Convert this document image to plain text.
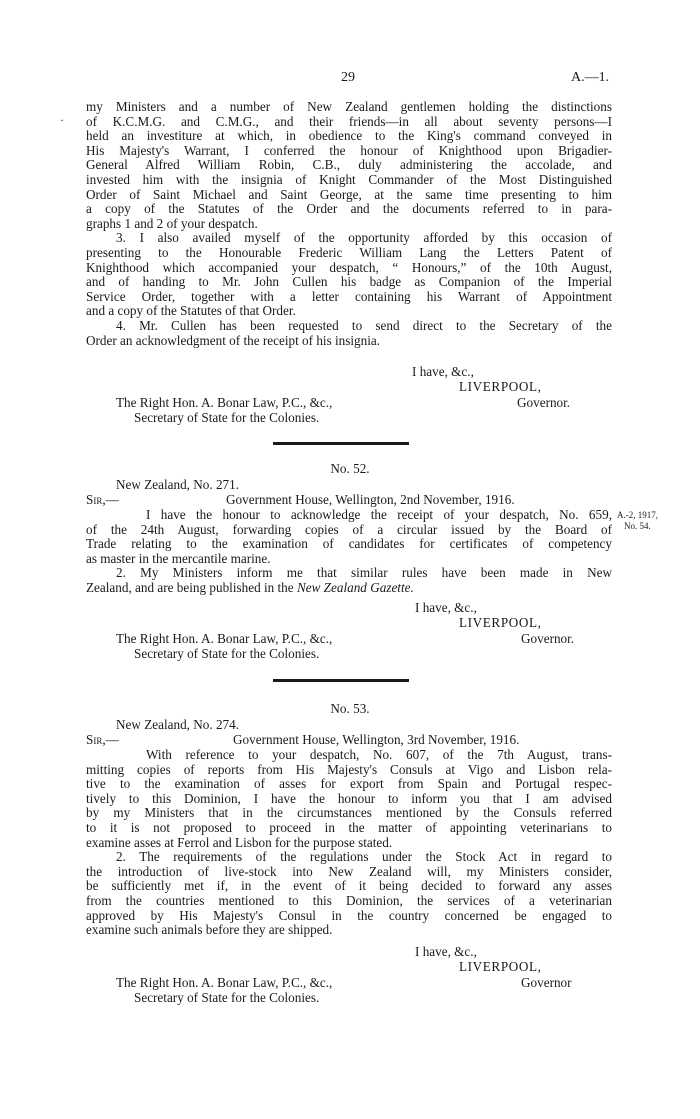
29	A.—1.
·
my Ministers and a number of New Zealand gentlemen holding the distinctions
of K.C.M.G. and C.M.G., and their friends—in all about seventy persons—I
held an investiture at which, in obedience to the King's command conveyed in
His Majesty's Warrant, I conferred the honour of Knighthood upon Brigadier-
General Alfred William Robin, C.B., duly administering the accolade, and
invested him with the insignia of Knight Commander of the Most Distinguished
Order of Saint Michael and Saint George, at the same time presenting to him
a copy of the Statutes of the Order and the documents referred to in para-
graphs 1 and 2 of your despatch.
3. I also availed myself of the opportunity afforded by this occasion of
presenting to the Honourable Frederic William Lang the Letters Patent of
Knighthood which accompanied your despatch, “ Honours,” of the 10th August,
and of handing to Mr. John Cullen his badge as Companion of the Imperial
Service Order, together with a letter containing his Warrant of Appointment
and a copy of the Statutes of that Order.
4. Mr. Cullen has been requested to send direct to the Secretary of the
Order an acknowledgment of the receipt of his insignia.
I have, &c.,
LIVERPOOL,
The Right Hon. A. Bonar Law, P.C., &c.,	Governor.
Secretary of State for the Colonies.
No. 52.
New Zealand, No. 271.
Sir,—	Government House, Wellington, 2nd November, 1916.
I have the honour to acknowledge the receipt of your despatch, No. 659,
of the 24th August, forwarding copies of a circular issued by the Board of
Trade relating to the examination of candidates for certificates of competency
as master in the mercantile marine.
2. My Ministers inform me that similar rules have been made in New
Zealand, and are being published in the New Zealand Gazette.
A.-2, 1917,
No. 54.
I have, &c.,
LIVERPOOL,
The Right Hon. A. Bonar Law, P.C., &c.,	Governor.
Secretary of State for the Colonies.
No. 53.
New Zealand, No. 274.
Sir,—	Government House, Wellington, 3rd November, 1916.
With reference to your despatch, No. 607, of the 7th August, trans-
mitting copies of reports from His Majesty's Consuls at Vigo and Lisbon rela-
tive to the examination of asses for export from Spain and Portugal respec-
tively to this Dominion, I have the honour to inform you that I am advised
by my Ministers that in the circumstances mentioned by the Consuls referred
to it is not proposed to proceed in the matter of appointing veterinarians to
examine asses at Ferrol and Lisbon for the purpose stated.
2. The requirements of the regulations under the Stock Act in regard to
the introduction of live-stock into New Zealand will, my Ministers consider,
be sufficiently met if, in the event of it being decided to forward any asses
from the countries mentioned to this Dominion, the services of a veterinarian
approved by His Majesty's Consul in the country concerned be engaged to
examine such animals before they are shipped.
I have, &c.,
LIVERPOOL,
The Right Hon. A. Bonar Law, P.C., &c.,	Governor
Secretary of State for the Colonies.
